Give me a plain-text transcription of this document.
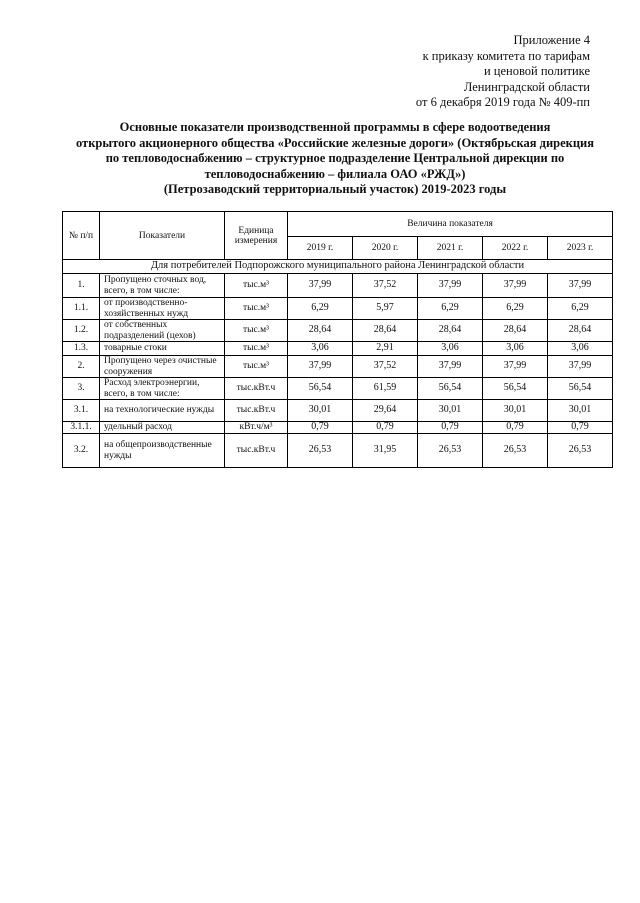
Приложение 4
к приказу комитета по тарифам
и ценовой политике
Ленинградской области
от 6 декабря 2019 года № 409-пп
Основные показатели производственной программы в сфере водоотведения
открытого акционерного общества «Российские железные дороги» (Октябрьская дирекция
по тепловодоснабжению – структурное подразделение Центральной дирекции по
тепловодоснабжению – филиала ОАО «РЖД»)
(Петрозаводский территориальный участок) 2019-2023 годы
№ п/п	Показатели	Единица измерения	Величина показателя				
			2019 г.	2020 г.	2021 г.	2022 г.	2023 г.
Для потребителей Подпорожского муниципального района Ленинградской области							
1.	Пропущено сточных вод, всего, в том числе:	тыс.м³	37,99	37,52	37,99	37,99	37,99
1.1.	от производственно-хозяйственных нужд	тыс.м³	6,29	5,97	6,29	6,29	6,29
1.2.	от собственных подразделений (цехов)	тыс.м³	28,64	28,64	28,64	28,64	28,64
1.3.	товарные стоки	тыс.м³	3,06	2,91	3,06	3,06	3,06
2.	Пропущено через очистные сооружения	тыс.м³	37,99	37,52	37,99	37,99	37,99
3.	Расход электроэнергии, всего, в том числе:	тыс.кВт.ч	56,54	61,59	56,54	56,54	56,54
3.1.	на технологические нужды	тыс.кВт.ч	30,01	29,64	30,01	30,01	30,01
3.1.1.	удельный расход	кВт.ч/м³	0,79	0,79	0,79	0,79	0,79
3.2.	на общепроизводственные нужды	тыс.кВт.ч	26,53	31,95	26,53	26,53	26,53
